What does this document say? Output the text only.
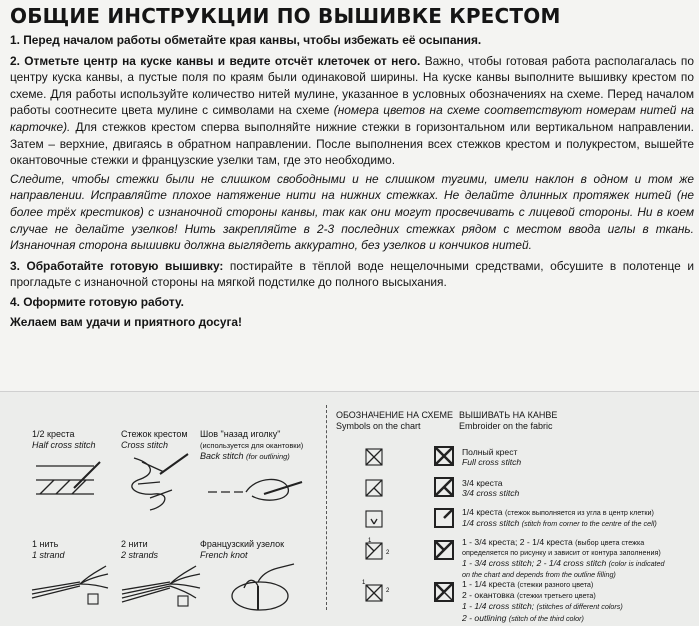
ОБЩИЕ ИНСТРУКЦИИ ПО ВЫШИВКЕ КРЕСТОМ

1. Перед началом работы обметайте края канвы, чтобы избежать её осыпания.

2. Отметьте центр на куске канвы и ведите отсчёт клеточек от него. Важно, чтобы готовая работа располагалась по центру куска канвы, а пустые поля по краям были одинаковой ширины. На куске канвы выполните вышивку крестом по схеме. Для работы используйте количество нитей мулине, указанное в условных обозначениях на схеме. Перед началом работы соотнесите цвета мулине с символами на схеме (номера цветов на схеме соответствуют номерам нитей на карточке). Для стежков крестом сперва выполняйте нижние стежки в горизонтальном или вертикальном направлении. Затем – верхние, двигаясь в обратном направлении. После выполнения всех стежков крестом и полукрестом, вышейте окантовочные стежки и французские узелки там, где это необходимо.

Следите, чтобы стежки были не слишком свободными и не слишком тугими, имели наклон в одном и том же направлении. Исправляйте плохое натяжение нити на нижних стежках. Не делайте длинных протяжек нитей (не более трёх крестиков) с изнаночной стороны канвы, так как они могут просвечивать с лицевой стороны. Ни в коем случае не делайте узелков! Нить закрепляйте в 2-3 последних стежках рядом с местом ввода иглы в ткань. Изнаночная сторона вышивки должна выглядеть аккуратно, без узелков и кончиков нитей.

3. Обработайте готовую вышивку: постирайте в тёплой воде нещелочными средствами, обсушите в полотенце и прогладьте с изнаночной стороны на мягкой подстилке до полного высыхания.

4. Оформите готовую работу.

Желаем вам удачи и приятного досуга!

1/2 креста
Half cross stitch
Стежок крестом
Cross stitch
Шов "назад иголку"
(используется для окантовки)
Back stitch (for outlining)
1 нить
1 strand
2 нити
2 strands
Французский узелок
French knot
ОБОЗНАЧЕНИЕ НА СХЕМЕ
Symbols on the chart
ВЫШИВАТЬ НА КАНВЕ
Embroider on the fabric
Полный крест
Full cross stitch
3/4 креста
3/4 cross stitch
1/4 креста (стежок выполняется из угла в центр клетки)
1/4 cross stitch (stitch from corner to the centre of the cell)
1
2
1 - 3/4 креста; 2 - 1/4 креста (выбор цвета стежка
определяется по рисунку и зависит от контура заполнения)
1 - 3/4 cross stitch; 2 - 1/4 cross stitch (color is indicated
on the chart and depends from the outline filling)
1
2
1 - 1/4 креста (стежки разного цвета)
2 - окантовка (стежки третьего цвета)
1 - 1/4 cross stitch; (stitches of different colors)
2 - outlining (stitch of the third color)
